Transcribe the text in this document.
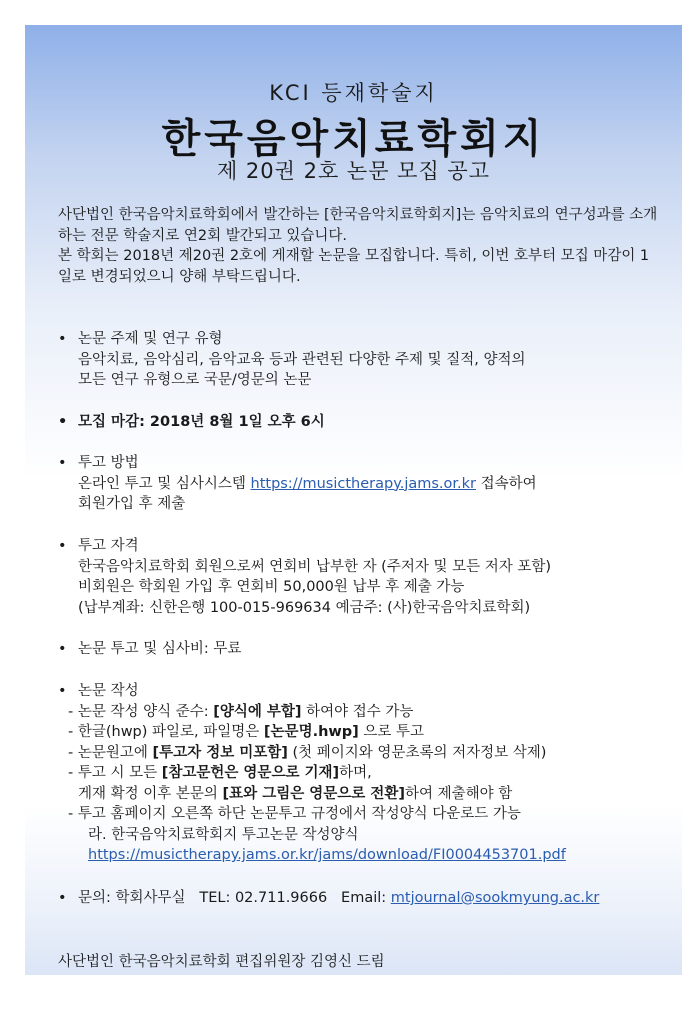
KCI 등재학술지
한국음악치료학회지
제 20권 2호 논문 모집 공고

사단법인 한국음악치료학회에서 발간하는 [한국음악치료학회지]는 음악치료의 연구성과를 소개하는 전문 학술지로 연2회 발간되고 있습니다.

본 학회는 2018년 제20권 2호에 게재할 논문을 모집합니다. 특히, 이번 호부터 모집 마감이 1일로 변경되었으니 양해 부탁드립니다.

• 논문 주제 및 연구 유형

음악치료, 음악심리, 음악교육 등과 관련된 다양한 주제 및 질적, 양적의

모든 연구 유형으로 국문/영문의 논문

• 모집 마감: 2018년 8월 1일 오후 6시

• 투고 방법

온라인 투고 및 심사시스템 https://musictherapy.jams.or.kr 접속하여

회원가입 후 제출

• 투고 자격

한국음악치료학회 회원으로써 연회비 납부한 자 (주저자 및 모든 저자 포함)

비회원은 학회원 가입 후 연회비 50,000원 납부 후 제출 가능

(납부계좌: 신한은행 100-015-969634 예금주: (사)한국음악치료학회)

• 논문 투고 및 심사비: 무료

• 논문 작성

- 논문 작성 양식 준수: [양식에 부합] 하여야 접수 가능

- 한글(hwp) 파일로, 파일명은 [논문명.hwp] 으로 투고

- 논문원고에 [투고자 정보 미포함] (첫 페이지와 영문초록의 저자정보 삭제)

- 투고 시 모든 [참고문헌은 영문으로 기재]하며,

게재 확정 이후 본문의 [표와 그림은 영문으로 전환]하여 제출해야 함

- 투고 홈페이지 오른쪽 하단 논문투고 규정에서 작성양식 다운로드 가능

라. 한국음악치료학회지 투고논문 작성양식

https://musictherapy.jams.or.kr/jams/download/FI0004453701.pdf

• 문의: 학회사무실   TEL: 02.711.9666   Email: mtjournal@sookmyung.ac.kr

사단법인 한국음악치료학회 편집위원장 김영신 드림
